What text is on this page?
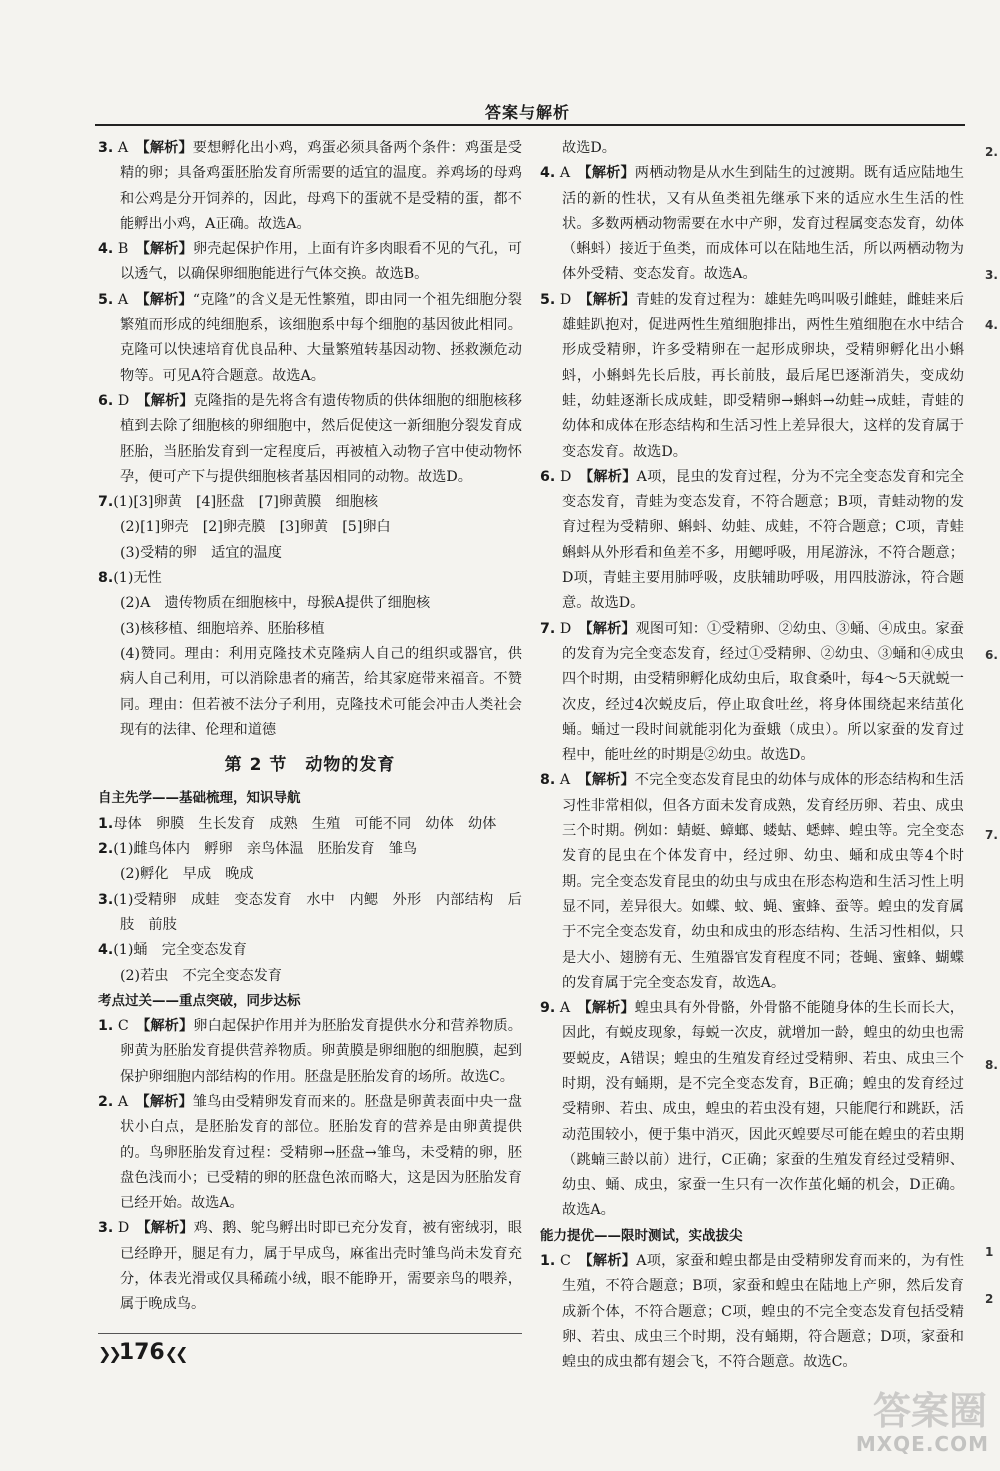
答案与解析

3. A　 【解析】要想孵化出小鸡，鸡蛋必须具备两个条件：鸡蛋是受精的卵；具备鸡蛋胚胎发育所需要的适宜的温度。养鸡场的母鸡和公鸡是分开饲养的，因此，母鸡下的蛋就不是受精的蛋，都不能孵出小鸡，A正确。故选A。

4. B　 【解析】卵壳起保护作用，上面有许多肉眼看不见的气孔，可以透气，以确保卵细胞能进行气体交换。故选B。

5. A　 【解析】“克隆”的含义是无性繁殖，即由同一个祖先细胞分裂繁殖而形成的纯细胞系，该细胞系中每个细胞的基因彼此相同。克隆可以快速培育优良品种、大量繁殖转基因动物、拯救濒危动物等。可见A符合题意。故选A。

6. D　 【解析】克隆指的是先将含有遗传物质的供体细胞的细胞核移植到去除了细胞核的卵细胞中，然后促使这一新细胞分裂发育成胚胎，当胚胎发育到一定程度后，再被植入动物子宫中使动物怀孕，便可产下与提供细胞核者基因相同的动物。故选D。

7.(1)[3]卵黄　[4]胚盘　[7]卵黄膜　细胞核

(2)[1]卵壳　[2]卵壳膜　[3]卵黄　[5]卵白

(3)受精的卵　适宜的温度

8.(1)无性

(2)A　遗传物质在细胞核中，母猴A提供了细胞核

(3)核移植、细胞培养、胚胎移植

(4)赞同。理由：利用克隆技术克隆病人自己的组织或器官，供病人自己利用，可以消除患者的痛苦，给其家庭带来福音。不赞同。理由：但若被不法分子利用，克隆技术可能会冲击人类社会现有的法律、伦理和道德

第 2 节　动物的发育
自主先学——基础梳理，知识导航

1.母体　卵膜　生长发育　成熟　生殖　可能不同　幼体　幼体

2.(1)雌鸟体内　孵卵　亲鸟体温　胚胎发育　雏鸟

(2)孵化　早成　晚成

3.(1)受精卵　成蛙　变态发育　水中　内鳃　外形　内部结构　后肢　前肢

4.(1)蛹　完全变态发育

(2)若虫　不完全变态发育

考点过关——重点突破，同步达标

1. C　 【解析】卵白起保护作用并为胚胎发育提供水分和营养物质。卵黄为胚胎发育提供营养物质。卵黄膜是卵细胞的细胞膜，起到保护卵细胞内部结构的作用。胚盘是胚胎发育的场所。故选C。

2. A　 【解析】雏鸟由受精卵发育而来的。胚盘是卵黄表面中央一盘状小白点，是胚胎发育的部位。胚胎发育的营养是由卵黄提供的。鸟卵胚胎发育过程：受精卵→胚盘→雏鸟，未受精的卵，胚盘色浅而小；已受精的卵的胚盘色浓而略大，这是因为胚胎发育已经开始。故选A。

3. D　 【解析】鸡、鹅、鸵鸟孵出时即已充分发育，被有密绒羽，眼已经睁开，腿足有力，属于早成鸟，麻雀出壳时雏鸟尚未发育充分，体表光滑或仅具稀疏小绒，眼不能睁开，需要亲鸟的喂养，属于晚成鸟。

故选D。

4. A　 【解析】两栖动物是从水生到陆生的过渡期。既有适应陆地生活的新的性状，又有从鱼类祖先继承下来的适应水生生活的性状。多数两栖动物需要在水中产卵，发育过程属变态发育，幼体（蝌蚪）接近于鱼类，而成体可以在陆地生活，所以两栖动物为体外受精、变态发育。故选A。

5. D　 【解析】青蛙的发育过程为：雄蛙先鸣叫吸引雌蛙，雌蛙来后雄蛙趴抱对，促进两性生殖细胞排出，两性生殖细胞在水中结合形成受精卵，许多受精卵在一起形成卵块，受精卵孵化出小蝌蚪，小蝌蚪先长后肢，再长前肢，最后尾巴逐渐消失，变成幼蛙，幼蛙逐渐长成成蛙，即受精卵→蝌蚪→幼蛙→成蛙，青蛙的幼体和成体在形态结构和生活习性上差异很大，这样的发育属于变态发育。故选D。

6. D　 【解析】A项，昆虫的发育过程，分为不完全变态发育和完全变态发育，青蛙为变态发育，不符合题意；B项，青蛙动物的发育过程为受精卵、蝌蚪、幼蛙、成蛙，不符合题意；C项，青蛙蝌蚪从外形看和鱼差不多，用鳃呼吸，用尾游泳，不符合题意；D项，青蛙主要用肺呼吸，皮肤辅助呼吸，用四肢游泳，符合题意。故选D。

7. D　 【解析】观图可知：①受精卵、②幼虫、③蛹、④成虫。家蚕的发育为完全变态发育，经过①受精卵、②幼虫、③蛹和④成虫四个时期，由受精卵孵化成幼虫后，取食桑叶，每4～5天就蜕一次皮，经过4次蜕皮后，停止取食吐丝，将身体围绕起来结茧化蛹。蛹过一段时间就能羽化为蚕蛾（成虫）。所以家蚕的发育过程中，能吐丝的时期是②幼虫。故选D。

8. A　 【解析】不完全变态发育昆虫的幼体与成体的形态结构和生活习性非常相似，但各方面未发育成熟，发育经历卵、若虫、成虫三个时期。例如：蜻蜓、蟑螂、蝼蛄、蟋蟀、蝗虫等。完全变态发育的昆虫在个体发育中，经过卵、幼虫、蛹和成虫等4个时期。完全变态发育昆虫的幼虫与成虫在形态构造和生活习性上明显不同，差异很大。如蝶、蚊、蝇、蜜蜂、蚕等。蝗虫的发育属于不完全变态发育，幼虫和成虫的形态结构、生活习性相似，只是大小、翅膀有无、生殖器官发育程度不同；苍蝇、蜜蜂、蝴蝶的发育属于完全变态发育，故选A。

9. A　 【解析】蝗虫具有外骨骼，外骨骼不能随身体的生长而长大，因此，有蜕皮现象，每蜕一次皮，就增加一龄，蝗虫的幼虫也需要蜕皮，A错误；蝗虫的生殖发育经过受精卵、若虫、成虫三个时期，没有蛹期，是不完全变态发育，B正确；蝗虫的发育经过受精卵、若虫、成虫，蝗虫的若虫没有翅，只能爬行和跳跃，活动范围较小，便于集中消灭，因此灭蝗要尽可能在蝗虫的若虫期（跳蝻三龄以前）进行，C正确；家蚕的生殖发育经过受精卵、幼虫、蛹、成虫，家蚕一生只有一次作茧化蛹的机会，D正确。故选A。

能力提优——限时测试，实战拔尖

1. C　 【解析】A项，家蚕和蝗虫都是由受精卵发育而来的，为有性生殖，不符合题意；B项，家蚕和蝗虫在陆地上产卵，然后发育成新个体，不符合题意；C项，蝗虫的不完全变态发育包括受精卵、若虫、成虫三个时期，没有蛹期，符合题意；D项，家蚕和蝗虫的成虫都有翅会飞，不符合题意。故选C。

2.
3.
4.
6.
7.
8.
1
2
❯❯176❮❮
答案圈
MXQE.COM
